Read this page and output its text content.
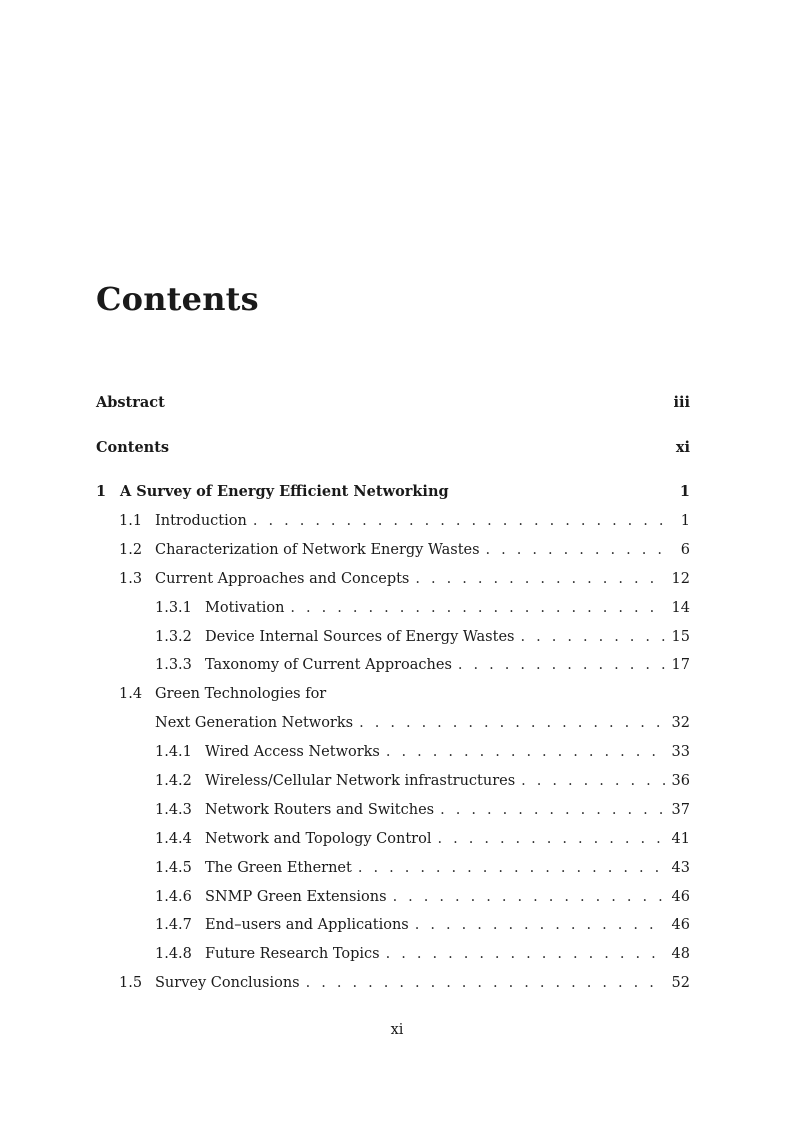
Contents
Abstract	iii
Contents	xi
1 A Survey of Energy Efficient Networking	1
1.1 Introduction . . .	1
1.2 Characterization of Network Energy Wastes . . .	6
1.3 Current Approaches and Concepts . . .	12
1.3.1 Motivation . . .	14
1.3.2 Device Internal Sources of Energy Wastes . . .	15
1.3.3 Taxonomy of Current Approaches . . .	17
1.4 Green Technologies for
Next Generation Networks . . .	32
1.4.1 Wired Access Networks . . .	33
1.4.2 Wireless/Cellular Network infrastructures . . .	36
1.4.3 Network Routers and Switches . . .	37
1.4.4 Network and Topology Control . . .	41
1.4.5 The Green Ethernet . . .	43
1.4.6 SNMP Green Extensions . . .	46
1.4.7 End–users and Applications . . .	46
1.4.8 Future Research Topics . . .	48
1.5 Survey Conclusions . . .	52
xi
